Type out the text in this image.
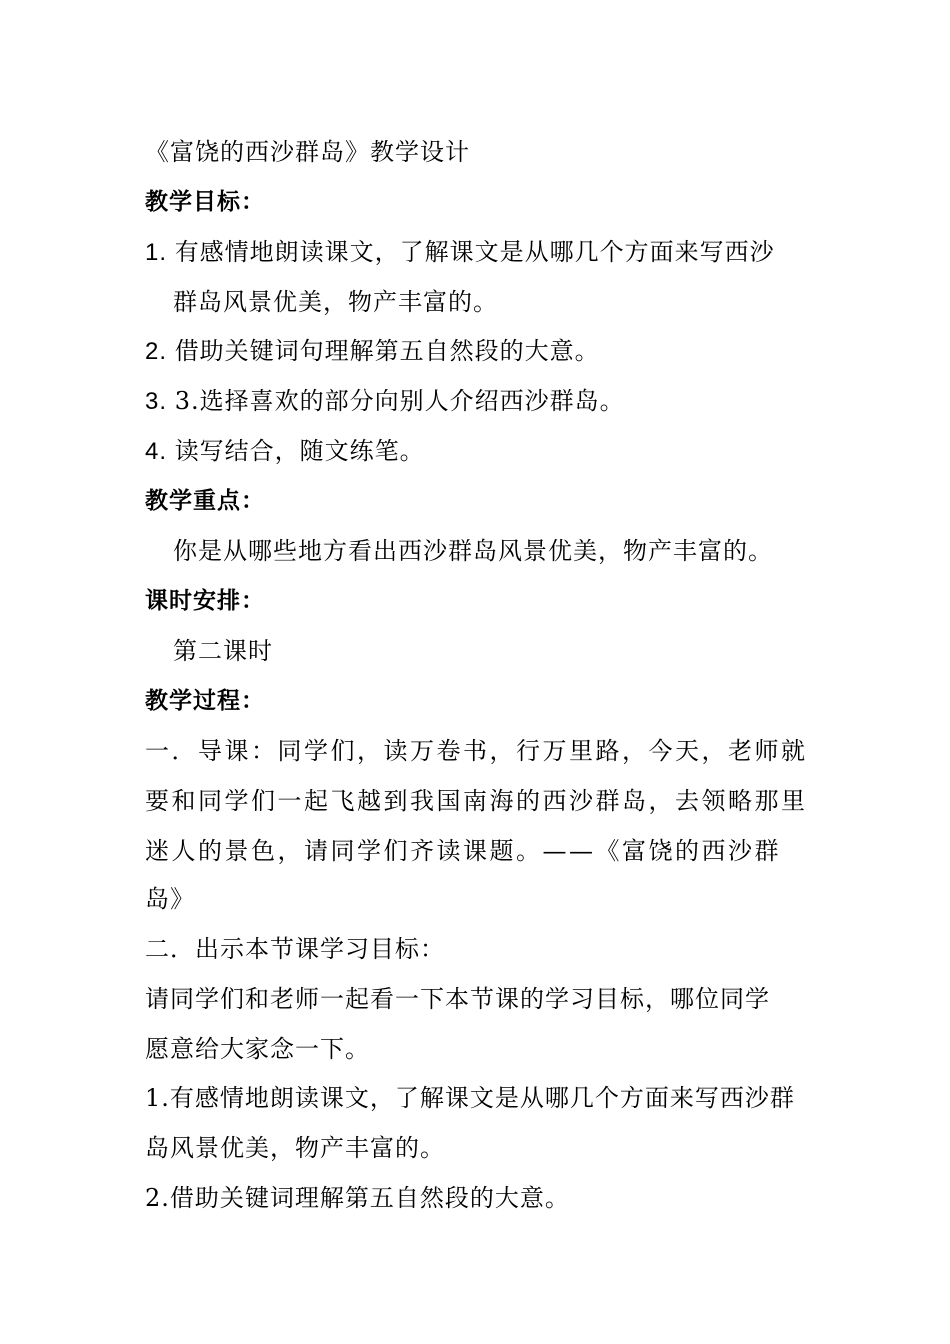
《富饶的西沙群岛》教学设计
教学目标：
1. 有感情地朗读课文，了解课文是从哪几个方面来写西沙
群岛风景优美，物产丰富的。
2. 借助关键词句理解第五自然段的大意。
3. 3.选择喜欢的部分向别人介绍西沙群岛。
4. 读写结合，随文练笔。
教学重点：
你是从哪些地方看出西沙群岛风景优美，物产丰富的。
课时安排：
第二课时
教学过程：
一．导课：同学们，读万卷书，行万里路，今天，老师就
要和同学们一起飞越到我国南海的西沙群岛，去领略那里
迷人的景色，请同学们齐读课题。——《富饶的西沙群
岛》
二．出示本节课学习目标：
请同学们和老师一起看一下本节课的学习目标，哪位同学
愿意给大家念一下。
1.有感情地朗读课文，了解课文是从哪几个方面来写西沙群
岛风景优美，物产丰富的。
2.借助关键词理解第五自然段的大意。
